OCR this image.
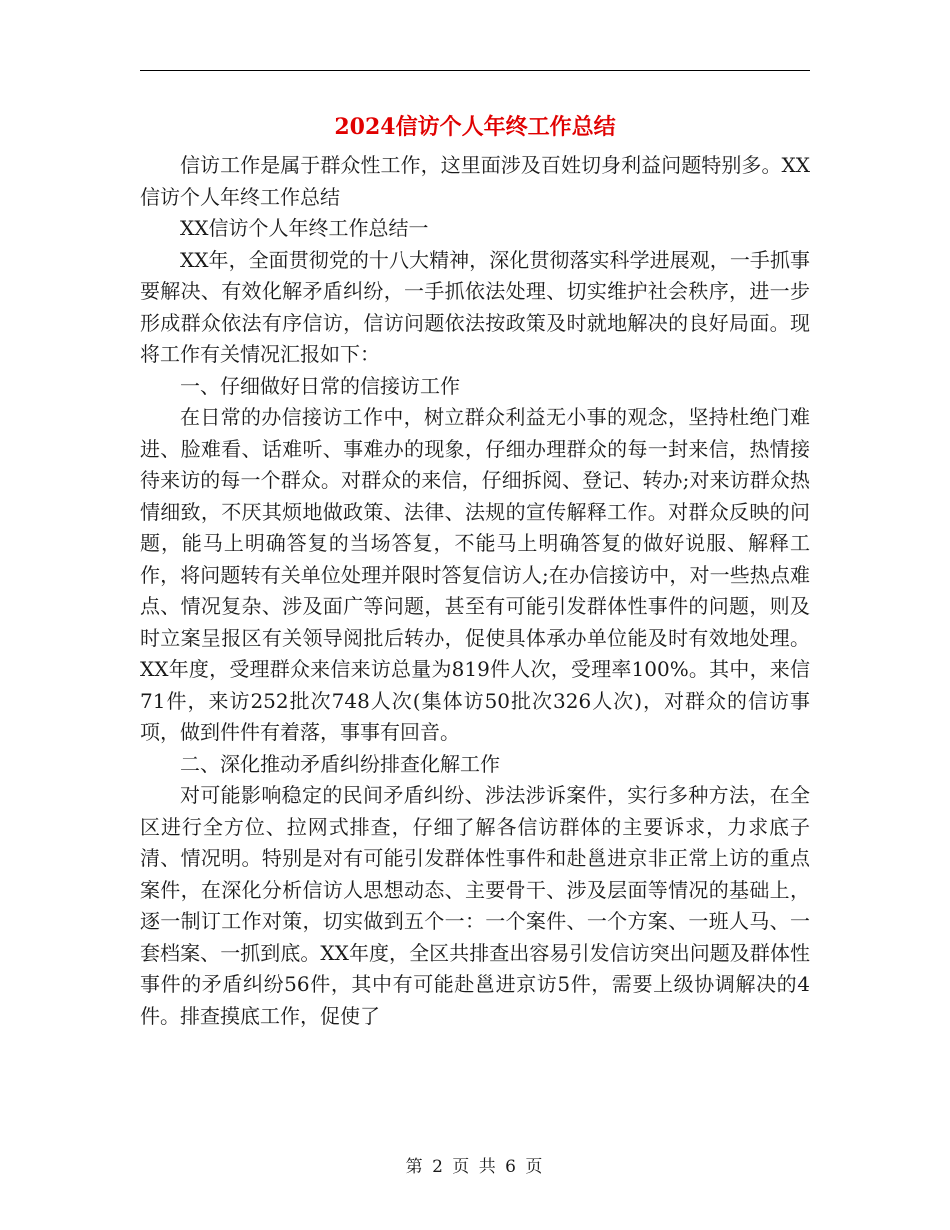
2024信访个人年终工作总结

信访工作是属于群众性工作，这里面涉及百姓切身利益问题特别多。XX信访个人年终工作总结

XX信访个人年终工作总结一

XX年，全面贯彻党的十八大精神，深化贯彻落实科学进展观，一手抓事要解决、有效化解矛盾纠纷，一手抓依法处理、切实维护社会秩序，进一步形成群众依法有序信访，信访问题依法按政策及时就地解决的良好局面。现将工作有关情况汇报如下：

一、仔细做好日常的信接访工作

在日常的办信接访工作中，树立群众利益无小事的观念，坚持杜绝门难进、脸难看、话难听、事难办的现象，仔细办理群众的每一封来信，热情接待来访的每一个群众。对群众的来信，仔细拆阅、登记、转办;对来访群众热情细致，不厌其烦地做政策、法律、法规的宣传解释工作。对群众反映的问题，能马上明确答复的当场答复，不能马上明确答复的做好说服、解释工作，将问题转有关单位处理并限时答复信访人;在办信接访中，对一些热点难点、情况复杂、涉及面广等问题，甚至有可能引发群体性事件的问题，则及时立案呈报区有关领导阅批后转办，促使具体承办单位能及时有效地处理。XX年度，受理群众来信来访总量为819件人次，受理率100%。其中，来信71件，来访252批次748人次(集体访50批次326人次)，对群众的信访事项，做到件件有着落，事事有回音。

二、深化推动矛盾纠纷排查化解工作

对可能影响稳定的民间矛盾纠纷、涉法涉诉案件，实行多种方法，在全区进行全方位、拉网式排查，仔细了解各信访群体的主要诉求，力求底子清、情况明。特别是对有可能引发群体性事件和赴邕进京非正常上访的重点案件，在深化分析信访人思想动态、主要骨干、涉及层面等情况的基础上，逐一制订工作对策，切实做到五个一：一个案件、一个方案、一班人马、一套档案、一抓到底。XX年度，全区共排查出容易引发信访突出问题及群体性事件的矛盾纠纷56件，其中有可能赴邕进京访5件，需要上级协调解决的4件。排查摸底工作，促使了

第 2 页 共 6 页
